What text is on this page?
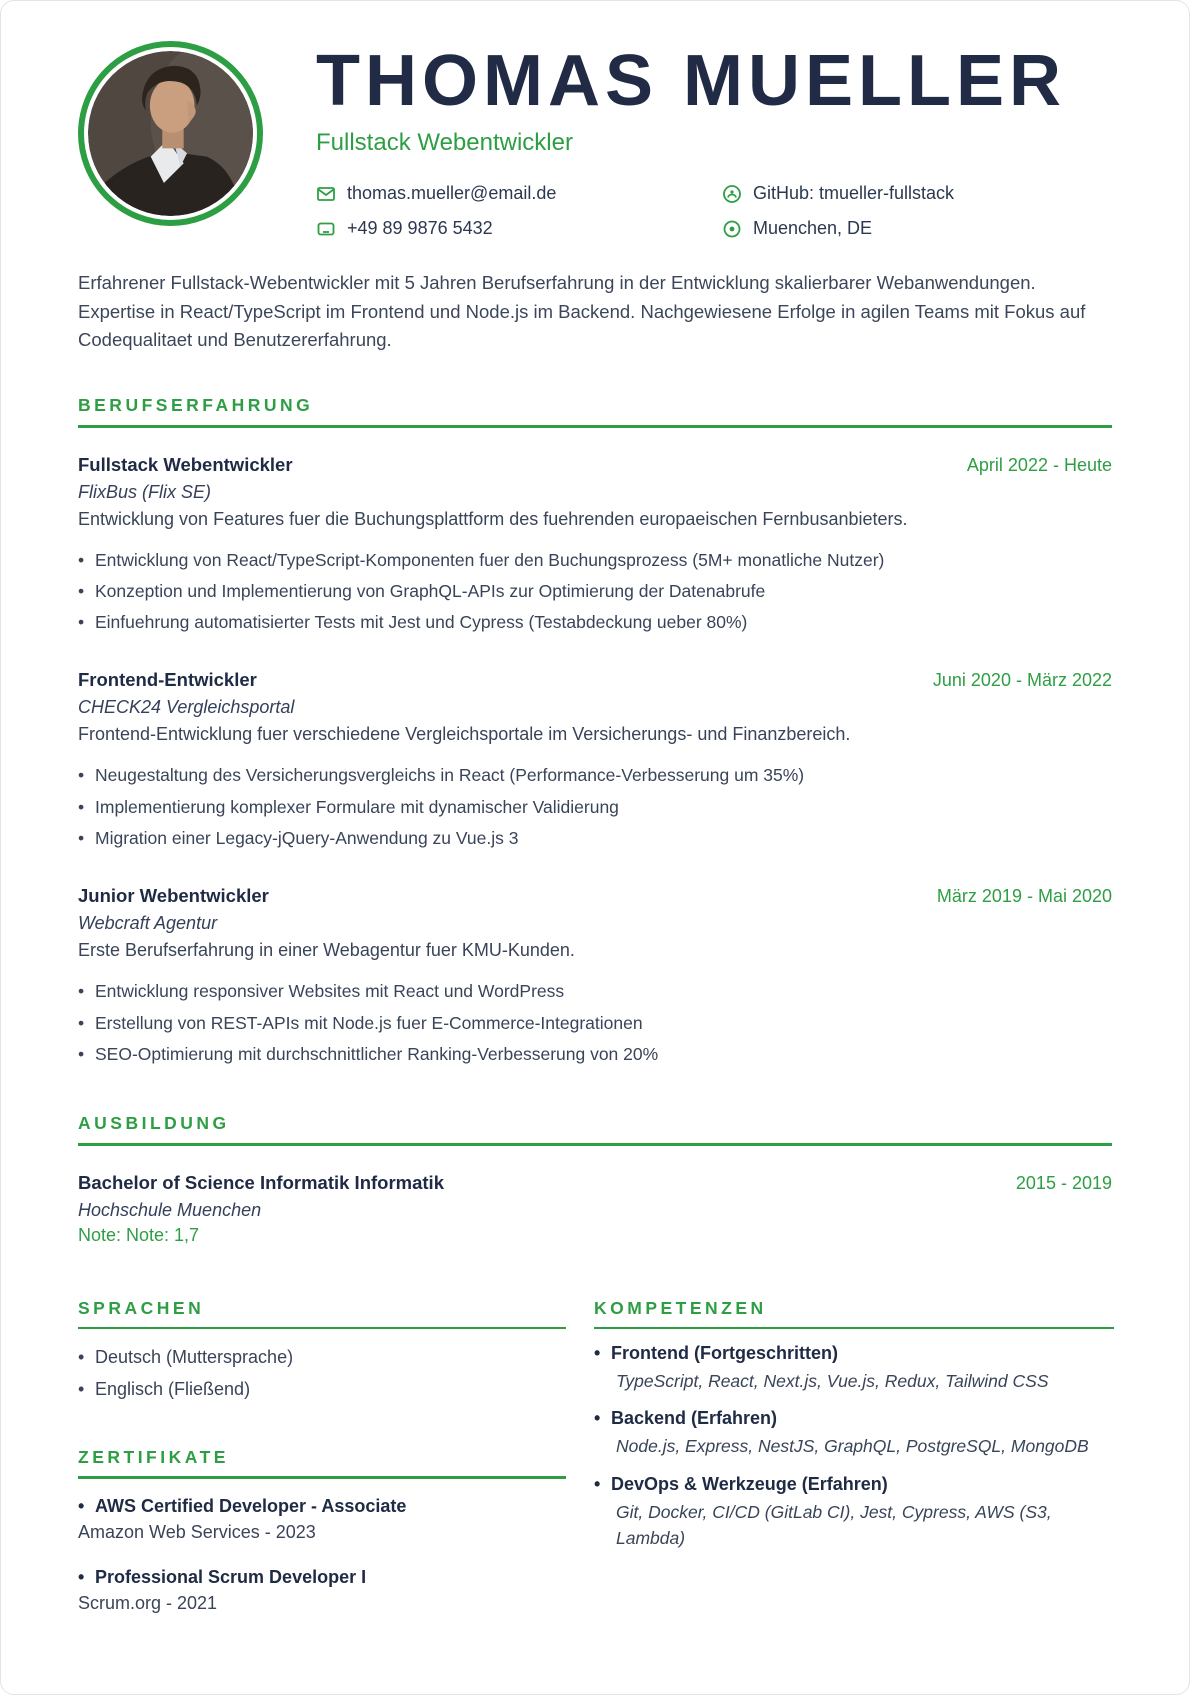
THOMAS MUELLER
Fullstack Webentwickler
thomas.mueller@email.de	GitHub: tmueller-fullstack
+49 89 9876 5432	Muenchen, DE

Erfahrener Fullstack-Webentwickler mit 5 Jahren Berufserfahrung in der Entwicklung skalierbarer Webanwendungen. Expertise in React/TypeScript im Frontend und Node.js im Backend. Nachgewiesene Erfolge in agilen Teams mit Fokus auf Codequalitaet und Benutzererfahrung.

BERUFSERFAHRUNG
Fullstack Webentwickler	April 2022 - Heute
FlixBus (Flix SE)
Entwicklung von Features fuer die Buchungsplattform des fuehrenden europaeischen Fernbusanbieters.
• Entwicklung von React/TypeScript-Komponenten fuer den Buchungsprozess (5M+ monatliche Nutzer)
• Konzeption und Implementierung von GraphQL-APIs zur Optimierung der Datenabrufe
• Einfuehrung automatisierter Tests mit Jest und Cypress (Testabdeckung ueber 80%)
Frontend-Entwickler	Juni 2020 - März 2022
CHECK24 Vergleichsportal
Frontend-Entwicklung fuer verschiedene Vergleichsportale im Versicherungs- und Finanzbereich.
• Neugestaltung des Versicherungsvergleichs in React (Performance-Verbesserung um 35%)
• Implementierung komplexer Formulare mit dynamischer Validierung
• Migration einer Legacy-jQuery-Anwendung zu Vue.js 3
Junior Webentwickler	März 2019 - Mai 2020
Webcraft Agentur
Erste Berufserfahrung in einer Webagentur fuer KMU-Kunden.
• Entwicklung responsiver Websites mit React und WordPress
• Erstellung von REST-APIs mit Node.js fuer E-Commerce-Integrationen
• SEO-Optimierung mit durchschnittlicher Ranking-Verbesserung von 20%
AUSBILDUNG
Bachelor of Science Informatik Informatik	2015 - 2019
Hochschule Muenchen
Note: Note: 1,7
SPRACHEN
• Deutsch (Muttersprache)
• Englisch (Fließend)
ZERTIFIKATE
• AWS Certified Developer - Associate
Amazon Web Services - 2023
• Professional Scrum Developer I
Scrum.org - 2021
KOMPETENZEN
• Frontend (Fortgeschritten)
TypeScript, React, Next.js, Vue.js, Redux, Tailwind CSS
• Backend (Erfahren)
Node.js, Express, NestJS, GraphQL, PostgreSQL, MongoDB
• DevOps & Werkzeuge (Erfahren)
Git, Docker, CI/CD (GitLab CI), Jest, Cypress, AWS (S3, Lambda)
